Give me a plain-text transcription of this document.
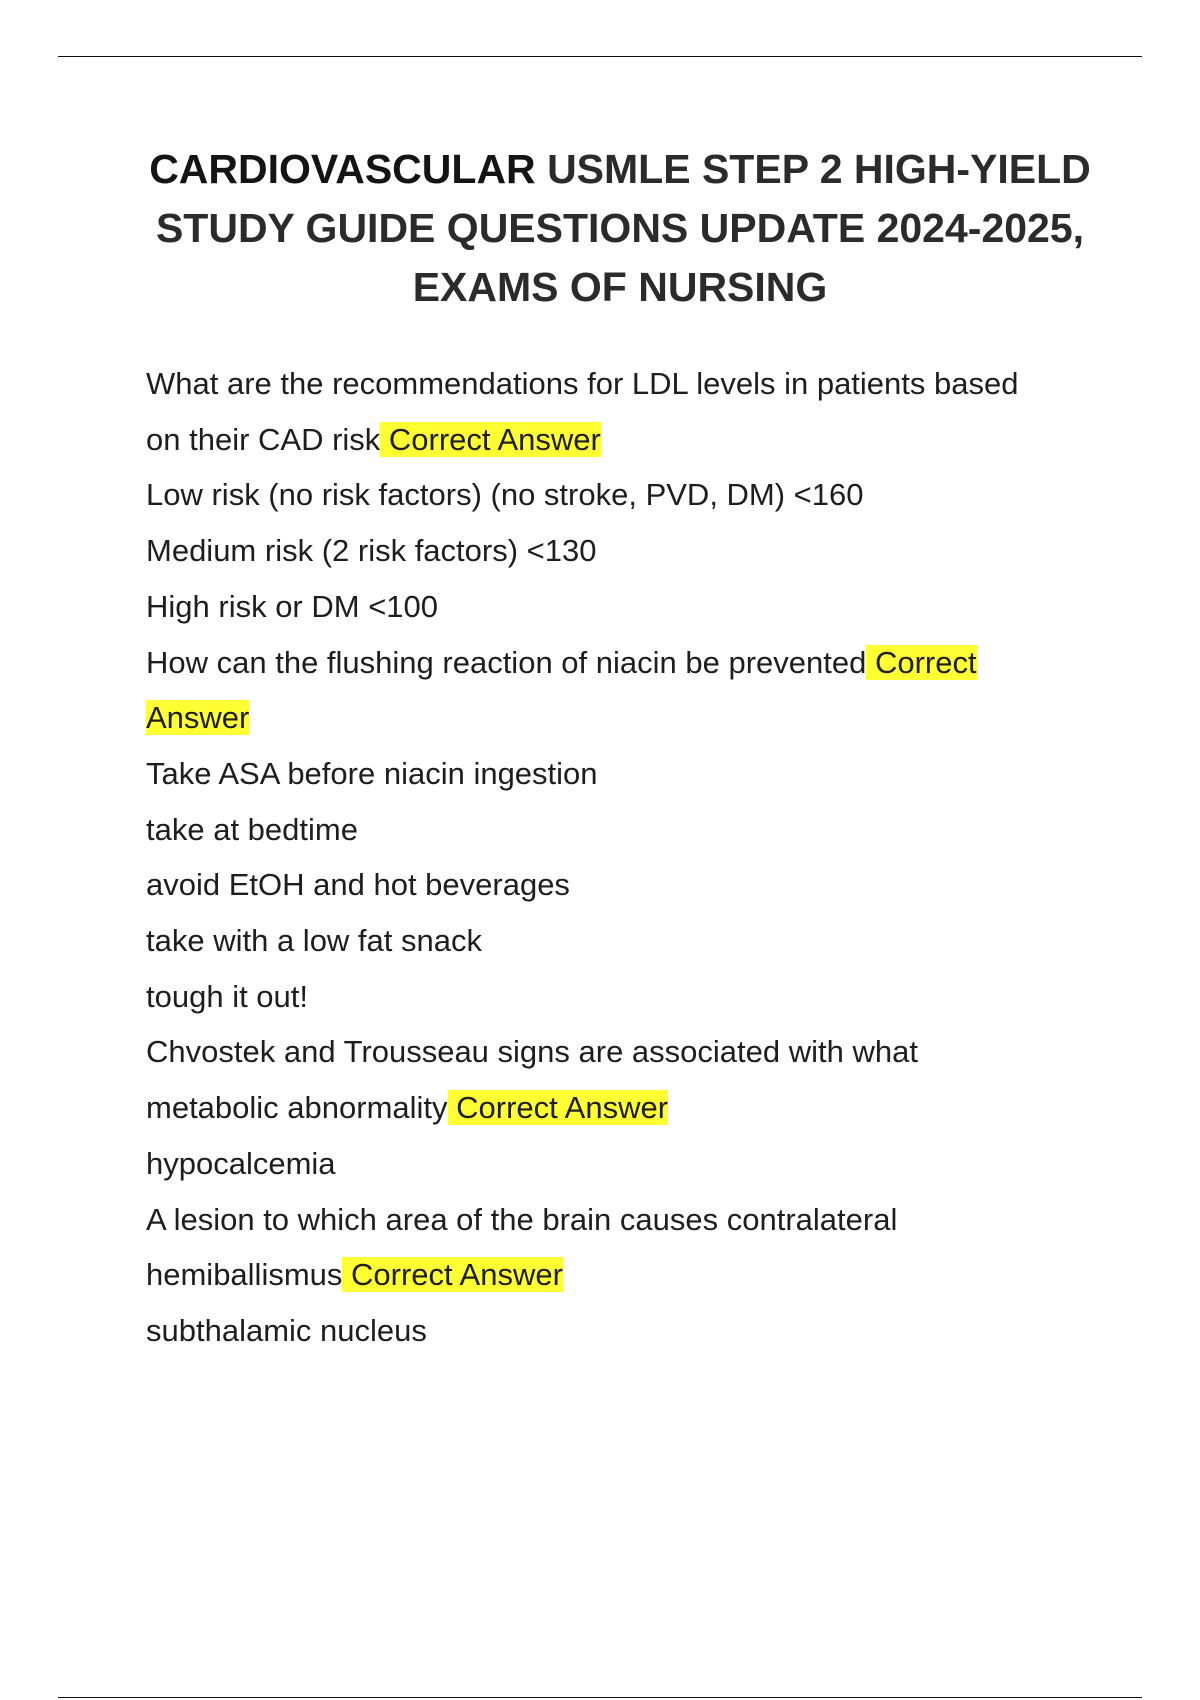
CARDIOVASCULAR USMLE STEP 2 HIGH-YIELD STUDY GUIDE QUESTIONS UPDATE 2024-2025, EXAMS OF NURSING
What are the recommendations for LDL levels in patients based
on their CAD risk Correct Answer
Low risk (no risk factors) (no stroke, PVD, DM) <160
Medium risk (2 risk factors) <130
High risk or DM <100
How can the flushing reaction of niacin be prevented Correct
Answer
Take ASA before niacin ingestion
take at bedtime
avoid EtOH and hot beverages
take with a low fat snack
tough it out!
Chvostek and Trousseau signs are associated with what
metabolic abnormality Correct Answer
hypocalcemia
A lesion to which area of the brain causes contralateral
hemiballismus Correct Answer
subthalamic nucleus
